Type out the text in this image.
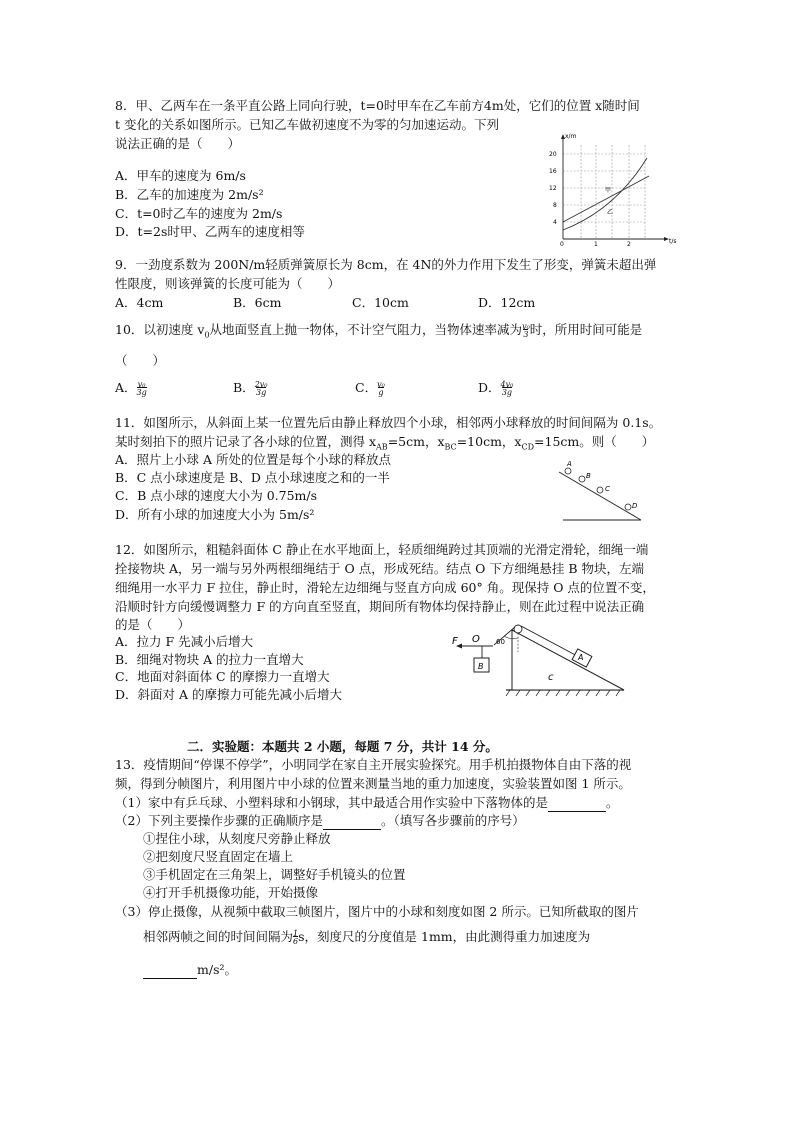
8．甲、乙两车在一条平直公路上同向行驶，t=0时甲车在乙车前方4m处，它们的位置 x随时间
t 变化的关系如图所示。已知乙车做初速度不为零的匀加速运动。下列
说法正确的是（　　）
A．甲车的速度为 6m/s
B．乙车的加速度为 2m/s²
C．t=0时乙车的速度为 2m/s
D．t=2s时甲、乙两车的速度相等
x/m
t/s
20
16
12
8
4
0	1	2
甲
乙
9．一劲度系数为 200N/m轻质弹簧原长为 8cm，在 4N的外力作用下发生了形变，弹簧未超出弹
性限度，则该弹簧的长度可能为（　　）
A．4cm	B．6cm	C．10cm	D．12cm
10．以初速度 $v_0$从地面竖直上抛一物体，不计空气阻力，当物体速率减为$\frac{\text{v₀}}{3}$时，所用时间可能是
（　　）
A．$\frac{\text{v₀}}{3g}$	B．$\frac{\text{2v₀}}{3g}$	C．$\frac{\text{v₀}}{g}$	D．$\frac{\text{4v₀}}{3g}$
11．如图所示，从斜面上某一位置先后由静止释放四个小球，相邻两小球释放的时间间隔为 0.1s。
某时刻拍下的照片记录了各小球的位置，测得 $x_{AB}=5cm$，$x_{BC}=10cm$，$x_{CD}=15cm$。则（　　）
A．照片上小球 A 所处的位置是每个小球的释放点
B．C 点小球速度是 B、D 点小球速度之和的一半
C．B 点小球的速度大小为 0.75m/s
D．所有小球的加速度大小为 5m/s²
A
B
C
D
12．如图所示，粗糙斜面体 C 静止在水平地面上，轻质细绳跨过其顶端的光滑定滑轮，细绳一端
拴接物块 A，另一端与另外两根细绳结于 O 点，形成死结。结点 O 下方细绳悬挂 B 物块，左端
细绳用一水平力 F 拉住，静止时，滑轮左边细绳与竖直方向成 60° 角。现保持 O 点的位置不变，
沿顺时针方向缓慢调整力 F 的方向直至竖直，期间所有物体均保持静止，则在此过程中说法正确
的是（　　）
A．拉力 F 先减小后增大
B．细绳对物块 A 的拉力一直增大
C．地面对斜面体 C 的摩擦力一直增大
D．斜面对 A 的摩擦力可能先减小后增大
F O 60
A
B
c
二．实验题：本题共 2 小题，每题 7 分，共计 14 分。
13．疫情期间“停课不停学”，小明同学在家自主开展实验探究。用手机拍摄物体自由下落的视
频，得到分帧图片，利用图片中小球的位置来测量当地的重力加速度，实验装置如图 1 所示。
（1）家中有乒乓球、小塑料球和小钢球，其中最适合用作实验中下落物体的是	。
（2）下列主要操作步骤的正确顺序是	。（填写各步骤前的序号）
①捏住小球，从刻度尺旁静止释放
②把刻度尺竖直固定在墙上
③手机固定在三角架上，调整好手机镜头的位置
④打开手机摄像功能，开始摄像
（3）停止摄像，从视频中截取三帧图片，图片中的小球和刻度如图 2 所示。已知所截取的图片
相邻两帧之间的时间间隔为$\frac{1}{6}s$，刻度尺的分度值是 1mm，由此测得重力加速度为
m/s²。
